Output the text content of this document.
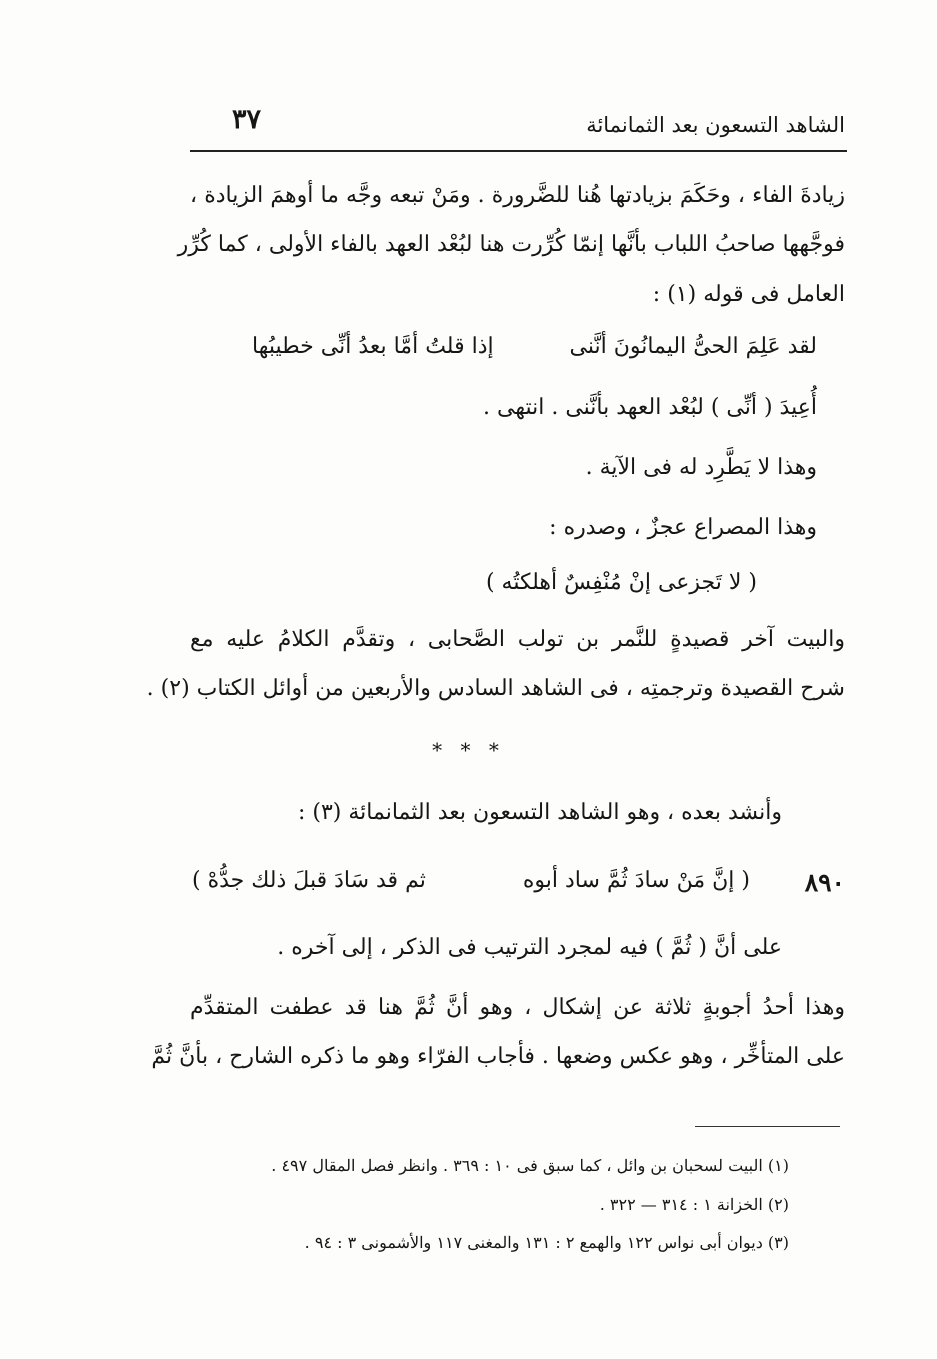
الشاهد التسعون بعد الثمانمائة
٣٧
زيادةَ الفاء ، وحَكَمَ بزيادتها هُنا للضَّرورة . ومَنْ تبعه وجَّه ما أوهمَ الزيادة ،
فوجَّهها صاحبُ اللباب بأنَّها إنمّا كُرِّرت هنا لبُعْد العهد بالفاء الأولى ، كما كُرِّر
العامل فى قوله (١) :
لقد عَلِمَ الحىُّ اليمانُونَ أنَّنى
إذا قلتُ أمَّا بعدُ أنِّى خطيبُها
أُعِيدَ ( أنِّى ) لبُعْد العهد بأنَّنى . انتهى .
وهذا لا يَطَّرِد له فى الآية .
وهذا المصراع عجزٌ ، وصدره :
( لا تَجزعى إنْ مُنْفِسٌ أهلكتُه )
والبيت آخر قصيدةٍ للنَّمر بن تولب الصَّحابى ، وتقدَّم الكلامُ عليه مع
شرح القصيدة وترجمتِه ، فى الشاهد السادس والأربعين من أوائل الكتاب (٢) .
* * *
وأنشد بعده ، وهو الشاهد التسعون بعد الثمانمائة (٣) :
٨٩٠
( إنَّ مَنْ سادَ ثُمَّ ساد أبوه
ثم قد سَادَ قبلَ ذلك جدُّهْ )
على أنَّ ( ثُمَّ ) فيه لمجرد الترتيب فى الذكر ، إلى آخره .
وهذا أحدُ أجوبةٍ ثلاثة عن إشكال ، وهو أنَّ ثُمَّ هنا قد عطفت المتقدِّم
على المتأخِّر ، وهو عكس وضعها . فأجاب الفرّاء وهو ما ذكره الشارح ، بأنَّ ثُمَّ
(١) البيت لسحبان بن وائل ، كما سبق فى ١٠ : ٣٦٩ . وانظر فصل المقال ٤٩٧ .
(٢) الخزانة ١ : ٣١٤ — ٣٢٢ .
(٣) ديوان أبى نواس ١٢٢ والهمع ٢ : ١٣١ والمغنى ١١٧ والأشمونى ٣ : ٩٤ .
